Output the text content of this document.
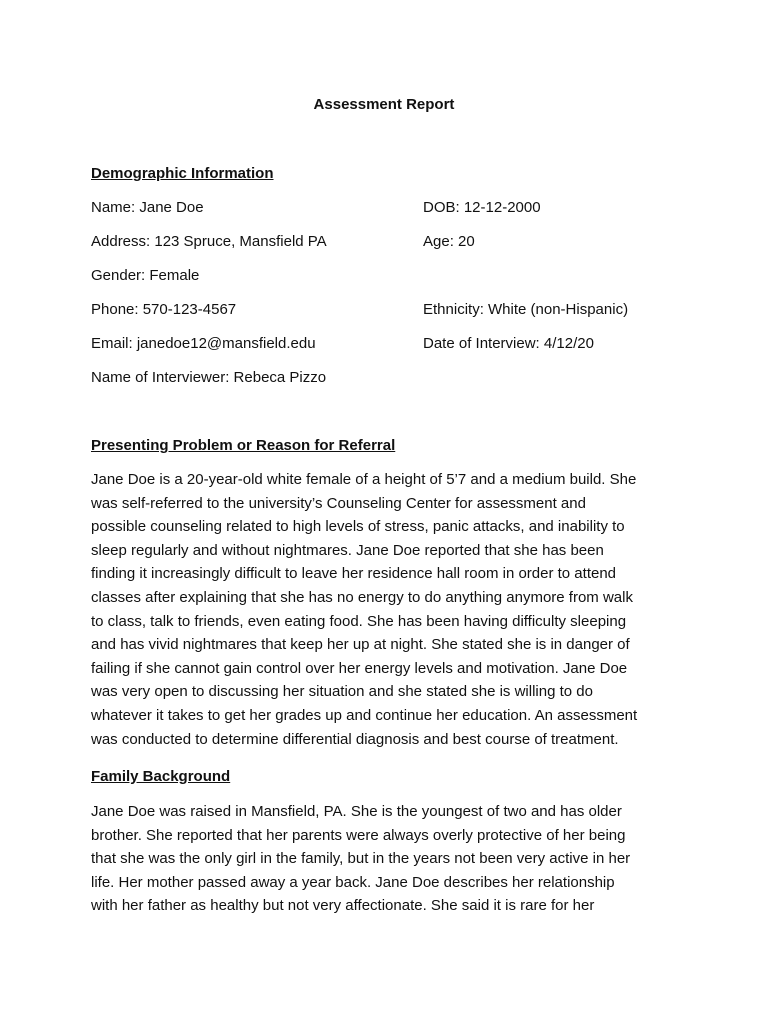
Assessment Report
Demographic Information
Name: Jane Doe	DOB: 12-12-2000
Address: 123 Spruce, Mansfield PA	Age: 20
Gender: Female
Phone: 570-123-4567	Ethnicity: White (non-Hispanic)
Email: janedoe12@mansfield.edu	Date of Interview: 4/12/20
Name of Interviewer: Rebeca Pizzo
Presenting Problem or Reason for Referral
Jane Doe is a 20-year-old white female of a height of 5’7 and a medium build. She
was self-referred to the university’s Counseling Center for assessment and
possible counseling related to high levels of stress, panic attacks, and inability to
sleep regularly and without nightmares. Jane Doe reported that she has been
finding it increasingly difficult to leave her residence hall room in order to attend
classes after explaining that she has no energy to do anything anymore from walk
to class, talk to friends, even eating food. She has been having difficulty sleeping
and has vivid nightmares that keep her up at night. She stated she is in danger of
failing if she cannot gain control over her energy levels and motivation. Jane Doe
was very open to discussing her situation and she stated she is willing to do
whatever it takes to get her grades up and continue her education. An assessment
was conducted to determine differential diagnosis and best course of treatment.
Family Background
Jane Doe was raised in Mansfield, PA. She is the youngest of two and has older
brother. She reported that her parents were always overly protective of her being
that she was the only girl in the family, but in the years not been very active in her
life. Her mother passed away a year back. Jane Doe describes her relationship
with her father as healthy but not very affectionate. She said it is rare for her
